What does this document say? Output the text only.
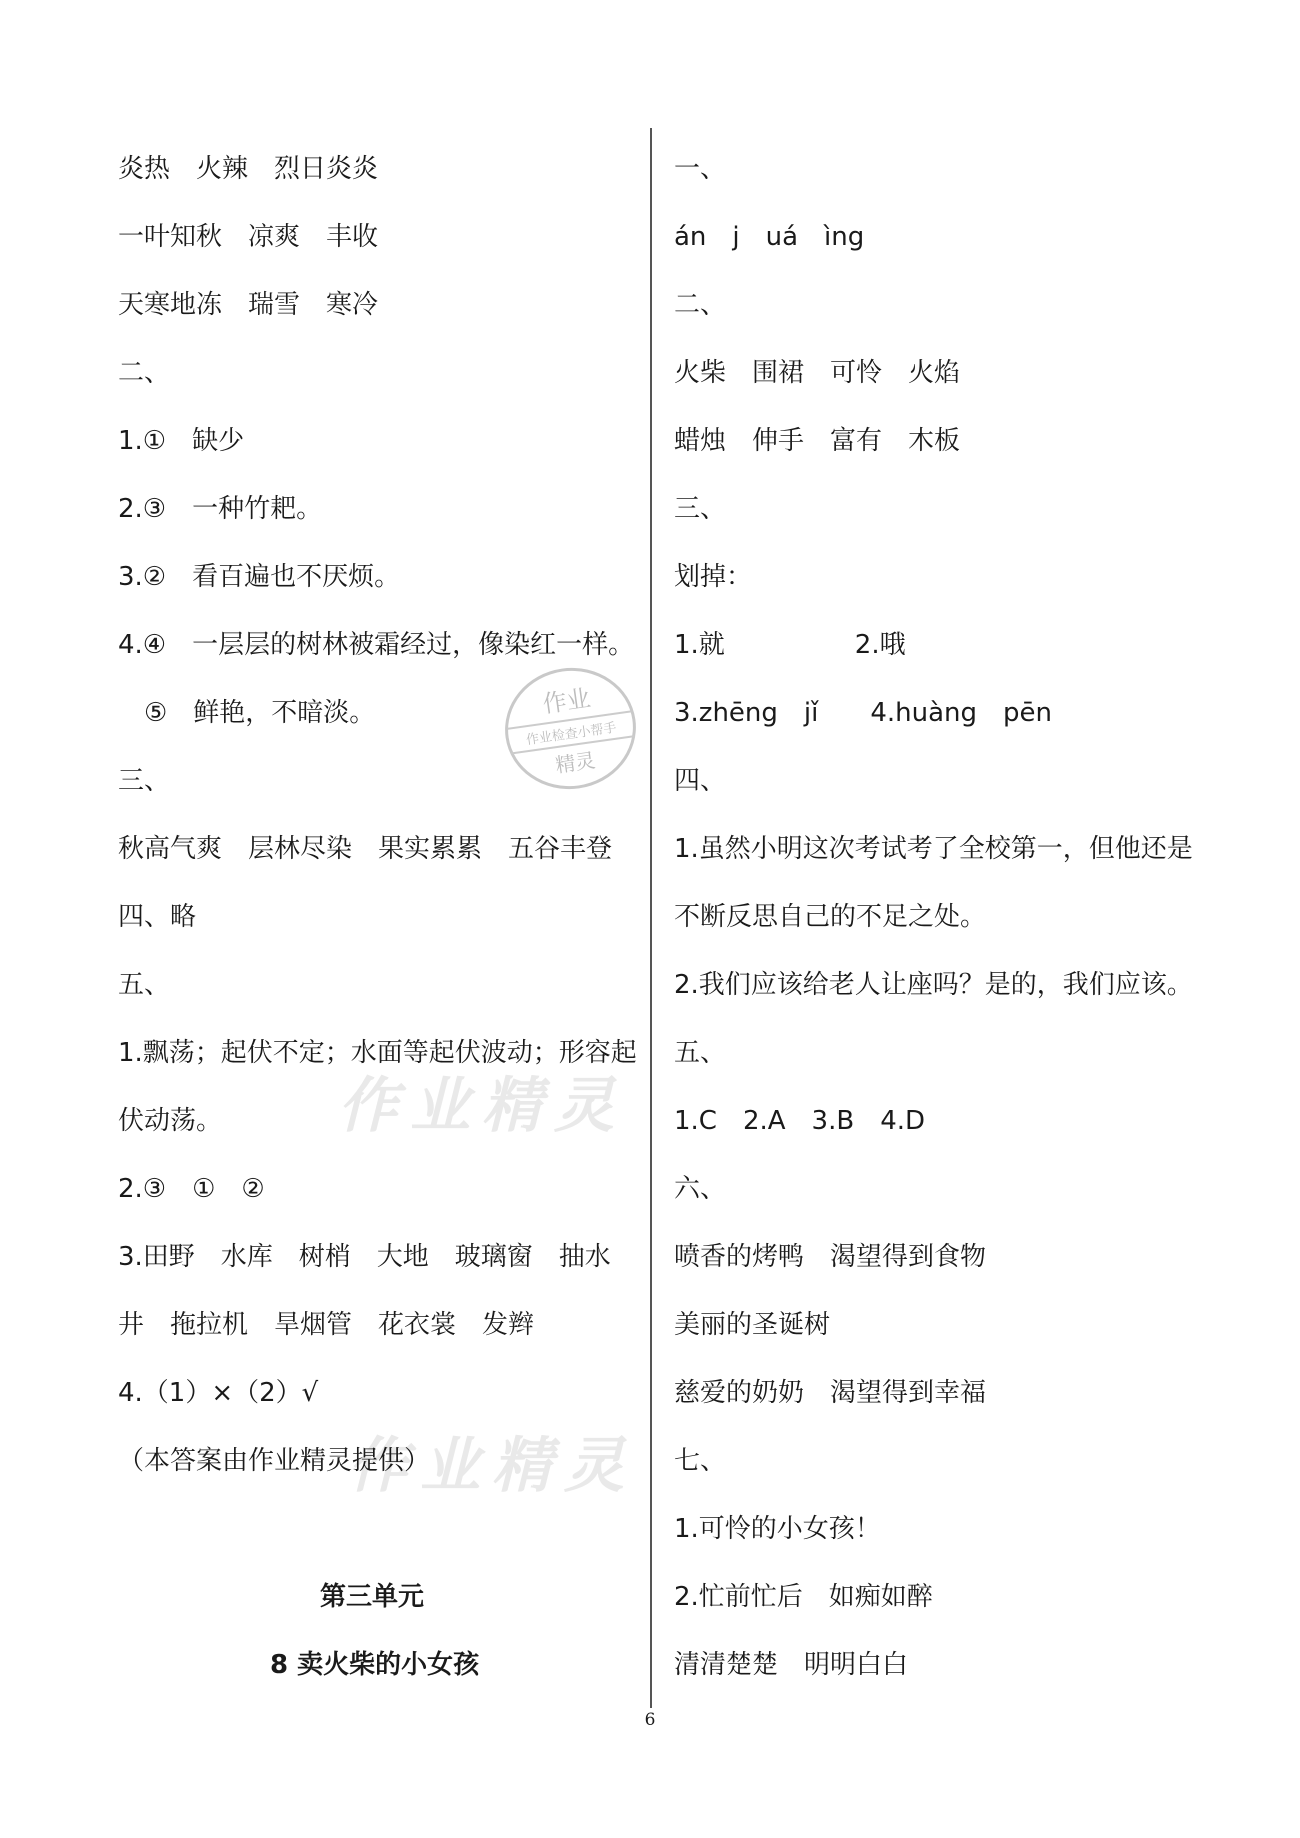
作业精灵
作业精灵
作业
作业检查小帮手
精灵
炎热　火辣　烈日炎炎
一叶知秋　凉爽　丰收
天寒地冻　瑞雪　寒冷
二、
1.①　缺少
2.③　一种竹耙。
3.②　看百遍也不厌烦。
4.④　一层层的树林被霜经过，像染红一样。
⑤　鲜艳，不暗淡。
三、
秋高气爽　层林尽染　果实累累　五谷丰登
四、略
五、
1.飘荡；起伏不定；水面等起伏波动；形容起
伏动荡。
2.③　①　②
3.田野　水库　树梢　大地　玻璃窗　抽水
井　拖拉机　旱烟管　花衣裳　发辫
4.（1）×（2）√
（本答案由作业精灵提供）
第三单元
8 卖火柴的小女孩
一、
án　j　uá　ìng
二、
火柴　围裙　可怜　火焰
蜡烛　伸手　富有　木板
三、
划掉：
1.就　　　　　2.哦
3.zhēng　jǐ　　4.huàng　pēn
四、
1.虽然小明这次考试考了全校第一，但他还是
不断反思自己的不足之处。
2.我们应该给老人让座吗？是的，我们应该。
五、
1.C　2.A　3.B　4.D
六、
喷香的烤鸭　渴望得到食物
美丽的圣诞树
慈爱的奶奶　渴望得到幸福
七、
1.可怜的小女孩！
2.忙前忙后　如痴如醉
清清楚楚　明明白白
6
